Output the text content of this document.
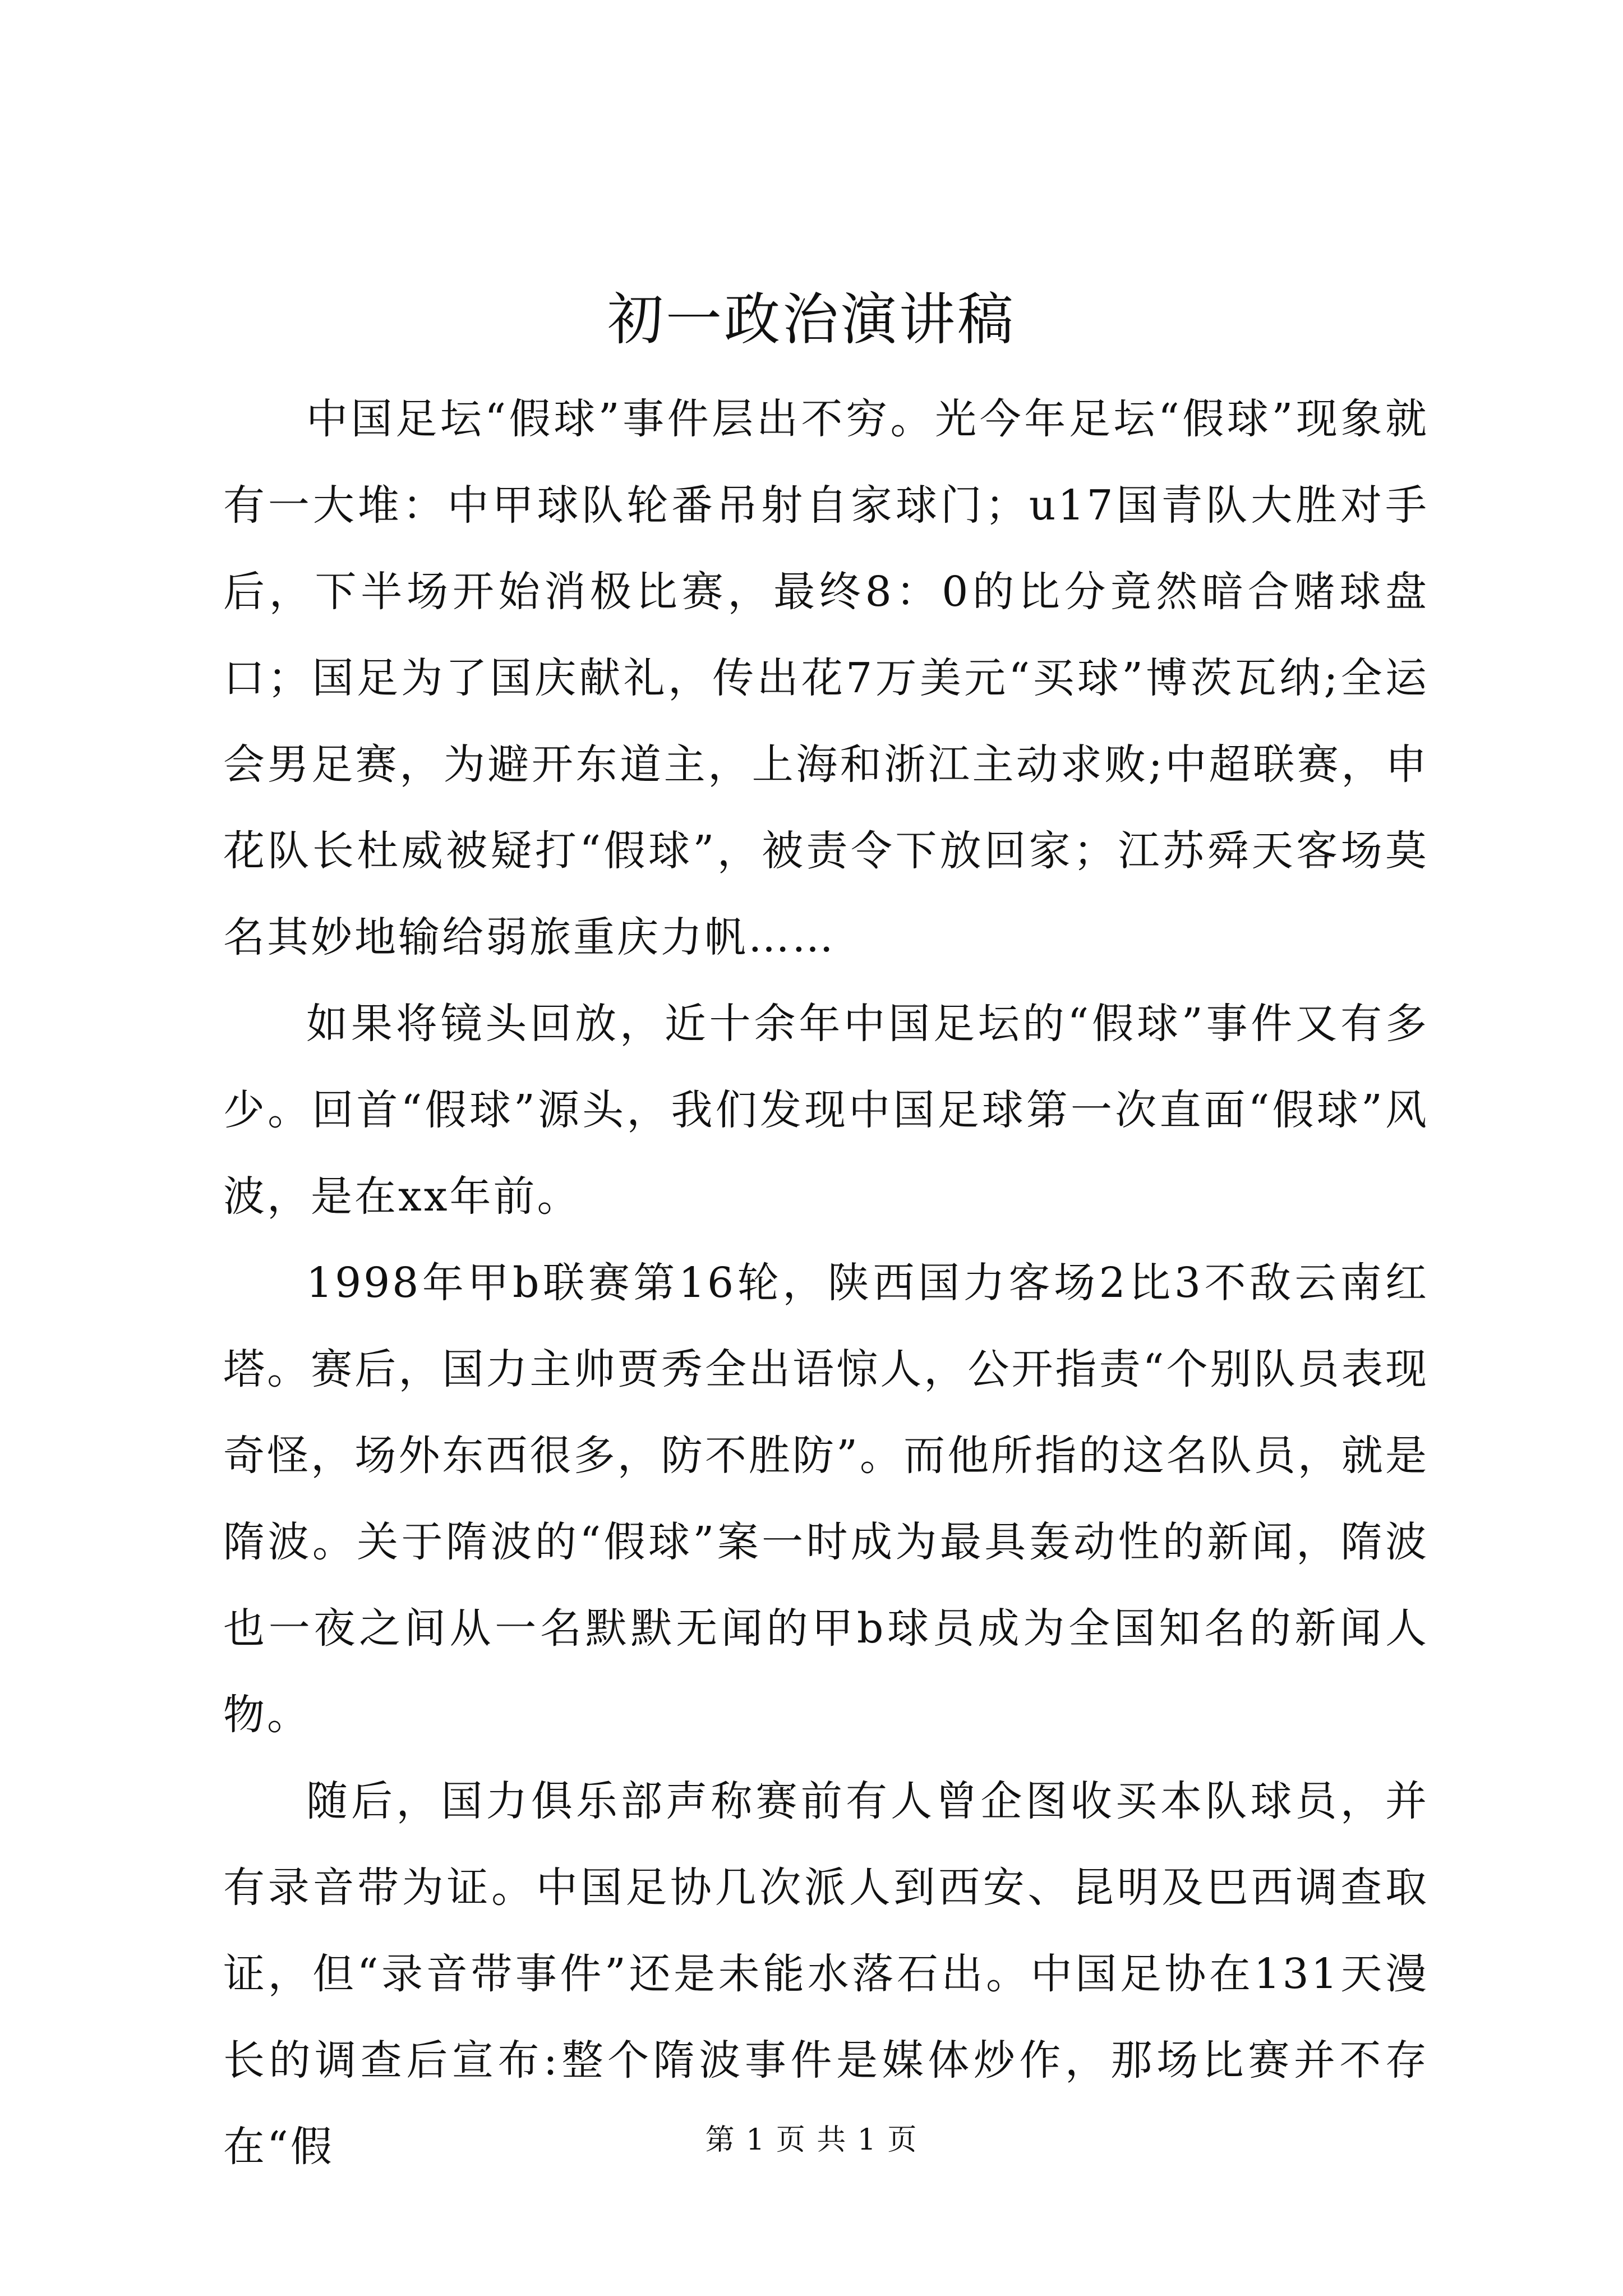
初一政治演讲稿

中国足坛“假球”事件层出不穷。光今年足坛“假球”现象就有一大堆：中甲球队轮番吊射自家球门；u17国青队大胜对手后，下半场开始消极比赛，最终8：0的比分竟然暗合赌球盘口；国足为了国庆献礼，传出花7万美元“买球”博茨瓦纳;全运会男足赛，为避开东道主，上海和浙江主动求败;中超联赛，申花队长杜威被疑打“假球”，被责令下放回家；江苏舜天客场莫名其妙地输给弱旅重庆力帆……

如果将镜头回放，近十余年中国足坛的“假球”事件又有多少。回首“假球”源头，我们发现中国足球第一次直面“假球”风波，是在xx年前。

1998年甲b联赛第16轮，陕西国力客场2比3不敌云南红塔。赛后，国力主帅贾秀全出语惊人，公开指责“个别队员表现奇怪，场外东西很多，防不胜防”。而他所指的这名队员，就是隋波。关于隋波的“假球”案一时成为最具轰动性的新闻，隋波也一夜之间从一名默默无闻的甲b球员成为全国知名的新闻人物。

随后，国力俱乐部声称赛前有人曾企图收买本队球员，并有录音带为证。中国足协几次派人到西安、昆明及巴西调查取证，但“录音带事件”还是未能水落石出。中国足协在131天漫长的调查后宣布:整个隋波事件是媒体炒作，那场比赛并不存在“假	第 1 页 共 1 页
